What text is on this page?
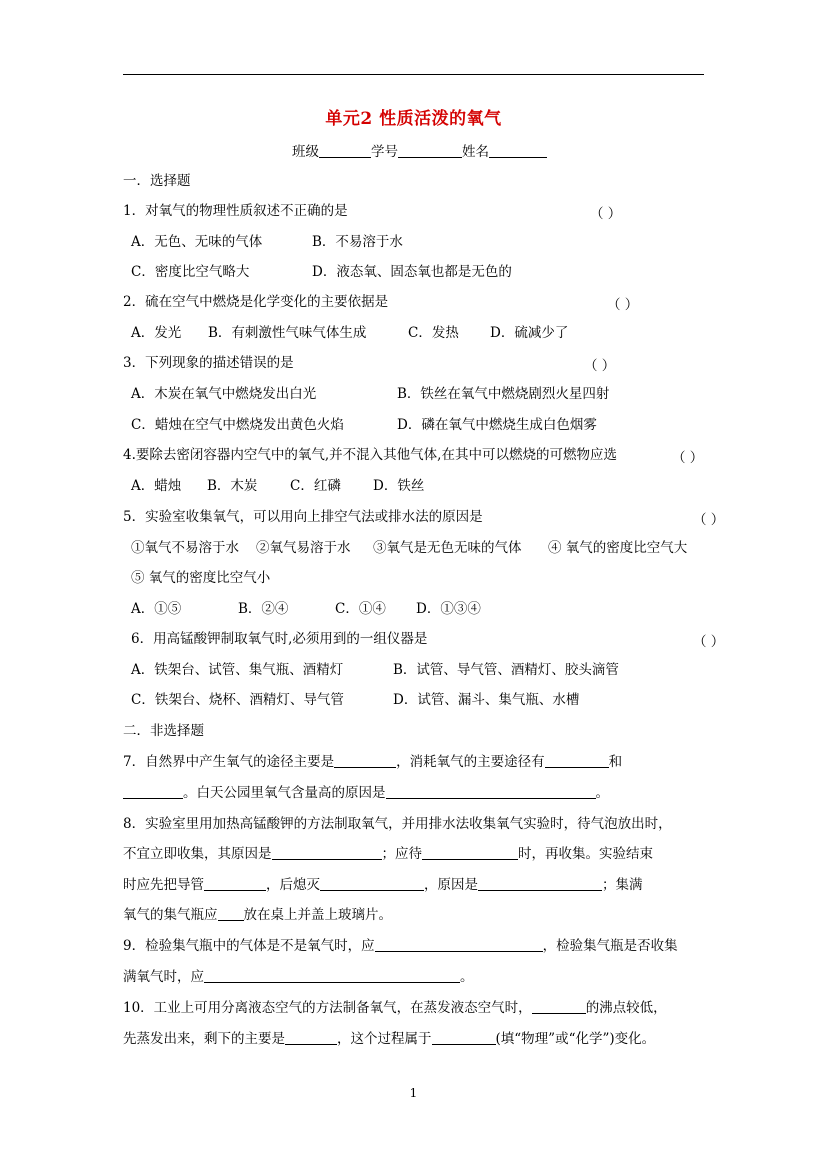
单元2 性质活泼的氧气
班级	学号	姓名
一．选择题
1．对氧气的物理性质叙述不正确的是	（ ）
A．无色、无味的气体	B．不易溶于水
C．密度比空气略大	D．液态氧、固态氧也都是无色的
2．硫在空气中燃烧是化学变化的主要依据是	（ ）
A．发光 B．有刺激性气味气体生成	C．发热 D．硫减少了
3．下列现象的描述错误的是	（ ）
A．木炭在氧气中燃烧发出白光	B．铁丝在氧气中燃烧剧烈火星四射
C．蜡烛在空气中燃烧发出黄色火焰	D．磷在氧气中燃烧生成白色烟雾
4.要除去密闭容器内空气中的氧气,并不混入其他气体,在其中可以燃烧的可燃物应选	（ ）
A．蜡烛 B．木炭 C．红磷 D．铁丝
5．实验室收集氧气，可以用向上排空气法或排水法的原因是	（ ）
①氧气不易溶于水 ②氧气易溶于水 ③氧气是无色无味的气体 ④ 氧气的密度比空气大
⑤ 氧气的密度比空气小
A．①⑤	B．②④	C．①④ D．①③④
6．用高锰酸钾制取氧气时,必须用到的一组仪器是	（ ）
A．铁架台、试管、集气瓶、酒精灯	B．试管、导气管、酒精灯、胶头滴管
C．铁架台、烧杯、酒精灯、导气管	D．试管、漏斗、集气瓶、水槽
二．非选择题
7．自然界中产生氧气的途径主要是	，消耗氧气的主要途径有	和
。白天公园里氧气含量高的原因是	。
8．实验室里用加热高锰酸钾的方法制取氧气，并用排水法收集氧气实验时，待气泡放出时，
不宜立即收集，其原因是	；应待	时，再收集。实验结束
时应先把导管	，后熄灭	，原因是	；集满
氧气的集气瓶应 放在桌上并盖上玻璃片。
9．检验集气瓶中的气体是不是氧气时，应	，检验集气瓶是否收集
满氧气时，应	。
10．工业上可用分离液态空气的方法制备氧气，在蒸发液态空气时，	的沸点较低，
先蒸发出来，剩下的主要是	，这个过程属于	(填“物理”或“化学”)变化。
1
